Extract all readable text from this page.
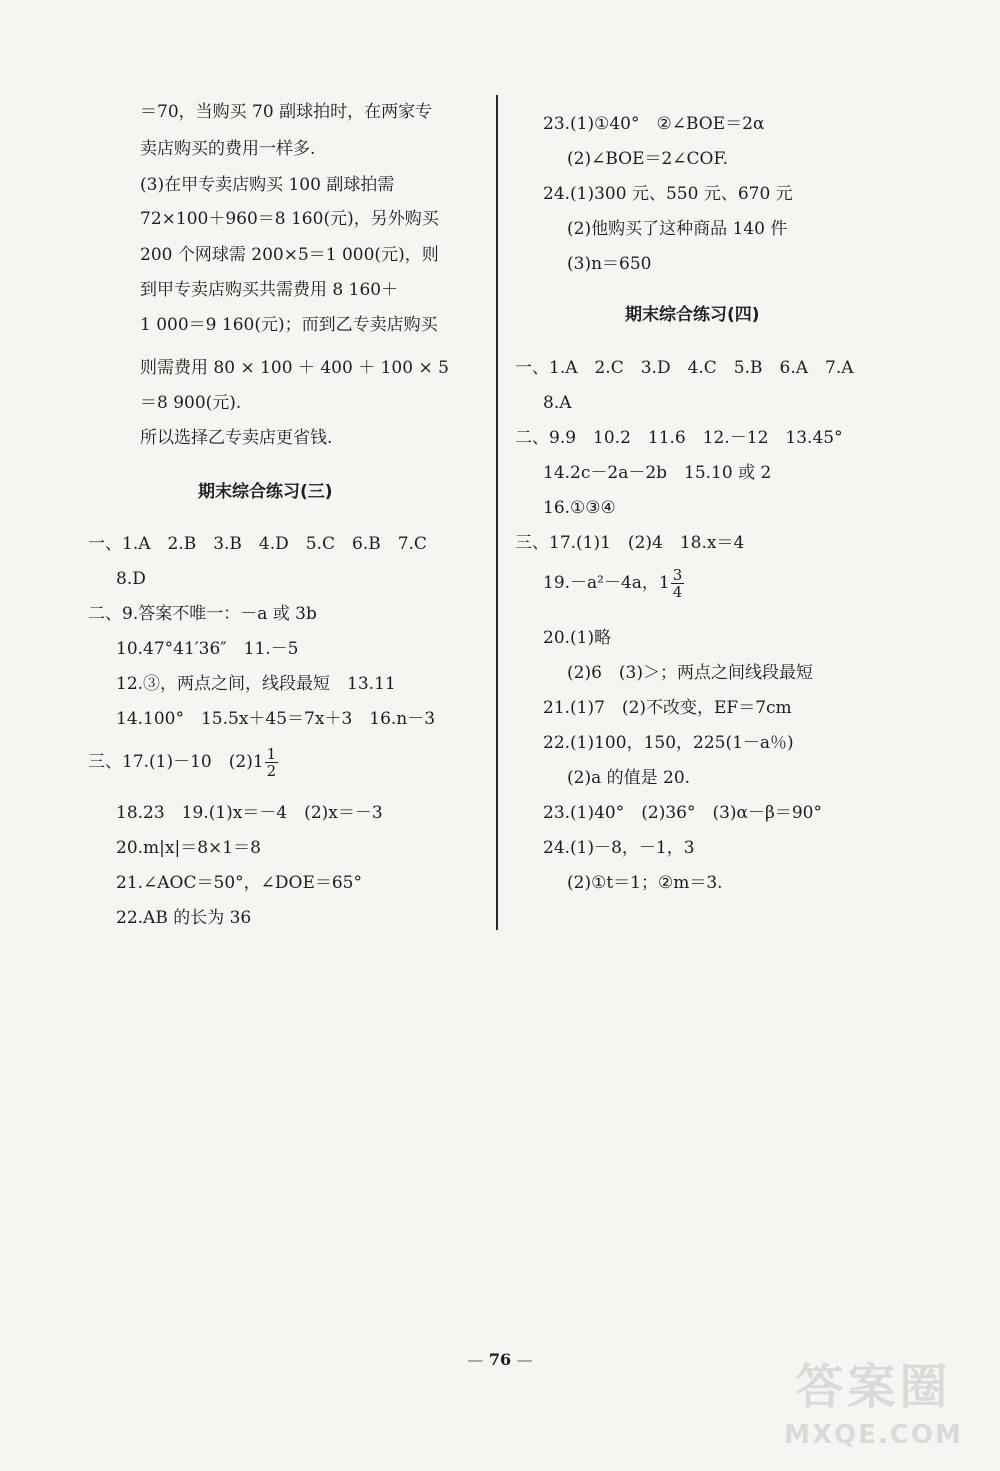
＝70，当购买 70 副球拍时，在两家专
卖店购买的费用一样多.
(3)在甲专卖店购买 100 副球拍需
72×100＋960＝8 160(元)，另外购买
200 个网球需 200×5＝1 000(元)，则
到甲专卖店购买共需费用 8 160＋
1 000＝9 160(元)；而到乙专卖店购买
则需费用 80 × 100 ＋ 400 ＋ 100 × 5
＝8 900(元).
所以选择乙专卖店更省钱.
期末综合练习(三)
一、1.A　2.B　3.B　4.D　5.C　6.B　7.C
8.D
二、9.答案不唯一：－a 或 3b
10.47°41′36″　11.－5
12.③，两点之间，线段最短　13.11
14.100°　15.5x＋45＝7x＋3　16.n－3
三、17.(1)－10　$(2)1 \frac{1}{2}$
18.23　19.(1)x＝－4　(2)x＝－3
20.m|x|＝8×1＝8
21.∠AOC＝50°，∠DOE＝65°
22.AB 的长为 36
23.(1)①40°　②∠BOE＝2α
(2)∠BOE＝2∠COF.
24.(1)300 元、550 元、670 元
(2)他购买了这种商品 140 件
(3)n＝650
期末综合练习(四)
一、1.A　2.C　3.D　4.C　5.B　6.A　7.A
8.A
二、9.9　10.2　11.6　12.－12　13.45°
14.2c－2a－2b　15.10 或 2
16.①③④
三、17.(1)1　(2)4　18.x＝4
19.－a²－4a，$1 \frac{3}{4}$
20.(1)略
(2)6　(3)＞；两点之间线段最短
21.(1)7　(2)不改变，EF＝7cm
22.(1)100，150，225(1－a％)
(2)a 的值是 20.
23.(1)40°　(2)36°　(3)α－β＝90°
24.(1)－8，－1，3
(2)①t＝1；②m＝3.
— 76 —	答案圈
MXQE.COM
